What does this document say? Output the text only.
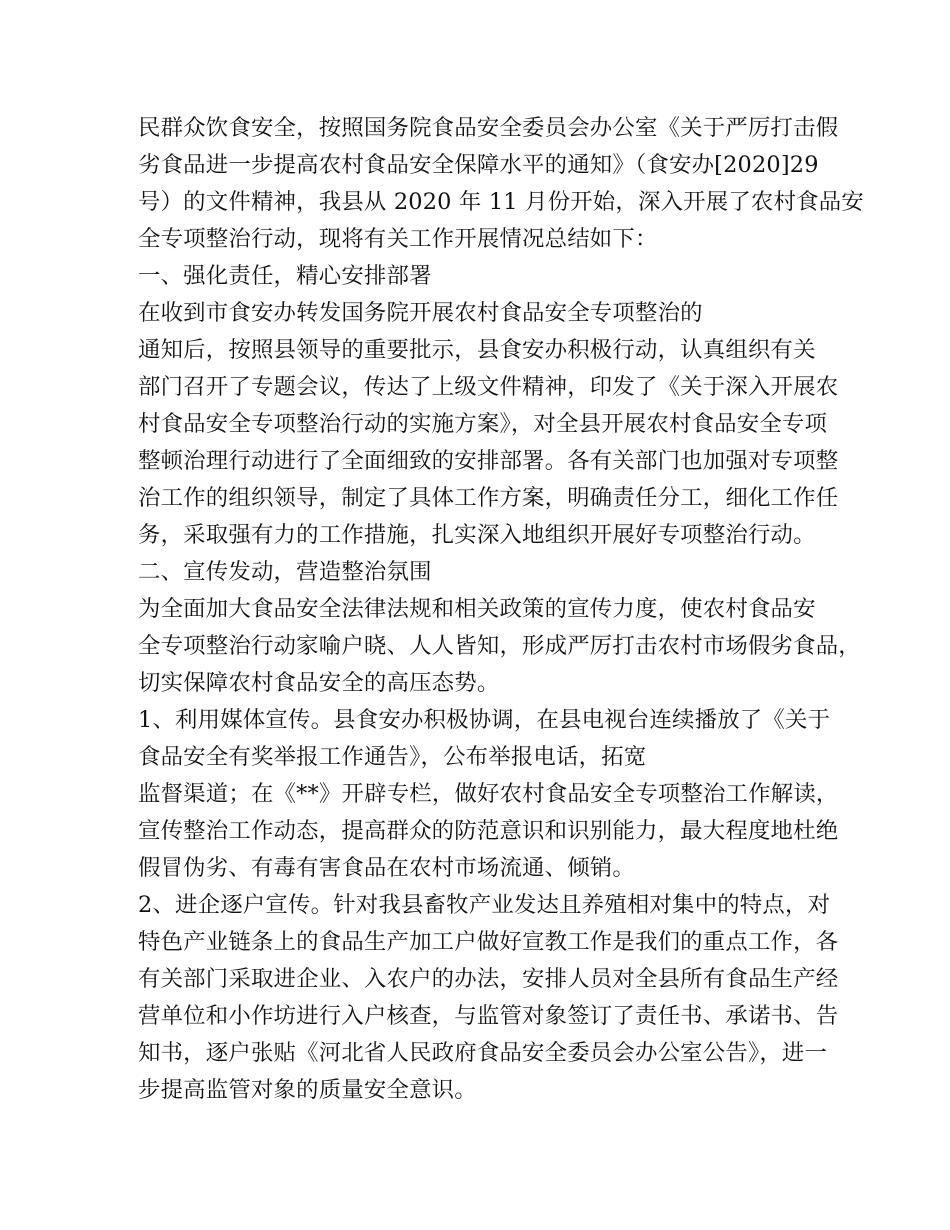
民群众饮食安全，按照国务院食品安全委员会办公室《关于严厉打击假
劣食品进一步提高农村食品安全保障水平的通知》（食安办[2020]29
号）的文件精神，我县从 2020 年 11 月份开始，深入开展了农村食品安
全专项整治行动，现将有关工作开展情况总结如下：
一、强化责任，精心安排部署
在收到市食安办转发国务院开展农村食品安全专项整治的
通知后，按照县领导的重要批示，县食安办积极行动，认真组织有关
部门召开了专题会议，传达了上级文件精神，印发了《关于深入开展农
村食品安全专项整治行动的实施方案》，对全县开展农村食品安全专项
整顿治理行动进行了全面细致的安排部署。各有关部门也加强对专项整
治工作的组织领导，制定了具体工作方案，明确责任分工，细化工作任
务，采取强有力的工作措施，扎实深入地组织开展好专项整治行动。
二、宣传发动，营造整治氛围
为全面加大食品安全法律法规和相关政策的宣传力度，使农村食品安
全专项整治行动家喻户晓、人人皆知，形成严厉打击农村市场假劣食品，
切实保障农村食品安全的高压态势。
1、利用媒体宣传。县食安办积极协调，在县电视台连续播放了《关于
食品安全有奖举报工作通告》，公布举报电话，拓宽
监督渠道；在《**》开辟专栏，做好农村食品安全专项整治工作解读，
宣传整治工作动态，提高群众的防范意识和识别能力，最大程度地杜绝
假冒伪劣、有毒有害食品在农村市场流通、倾销。
2、进企逐户宣传。针对我县畜牧产业发达且养殖相对集中的特点，对
特色产业链条上的食品生产加工户做好宣教工作是我们的重点工作，各
有关部门采取进企业、入农户的办法，安排人员对全县所有食品生产经
营单位和小作坊进行入户核查，与监管对象签订了责任书、承诺书、告
知书，逐户张贴《河北省人民政府食品安全委员会办公室公告》，进一
步提高监管对象的质量安全意识。
